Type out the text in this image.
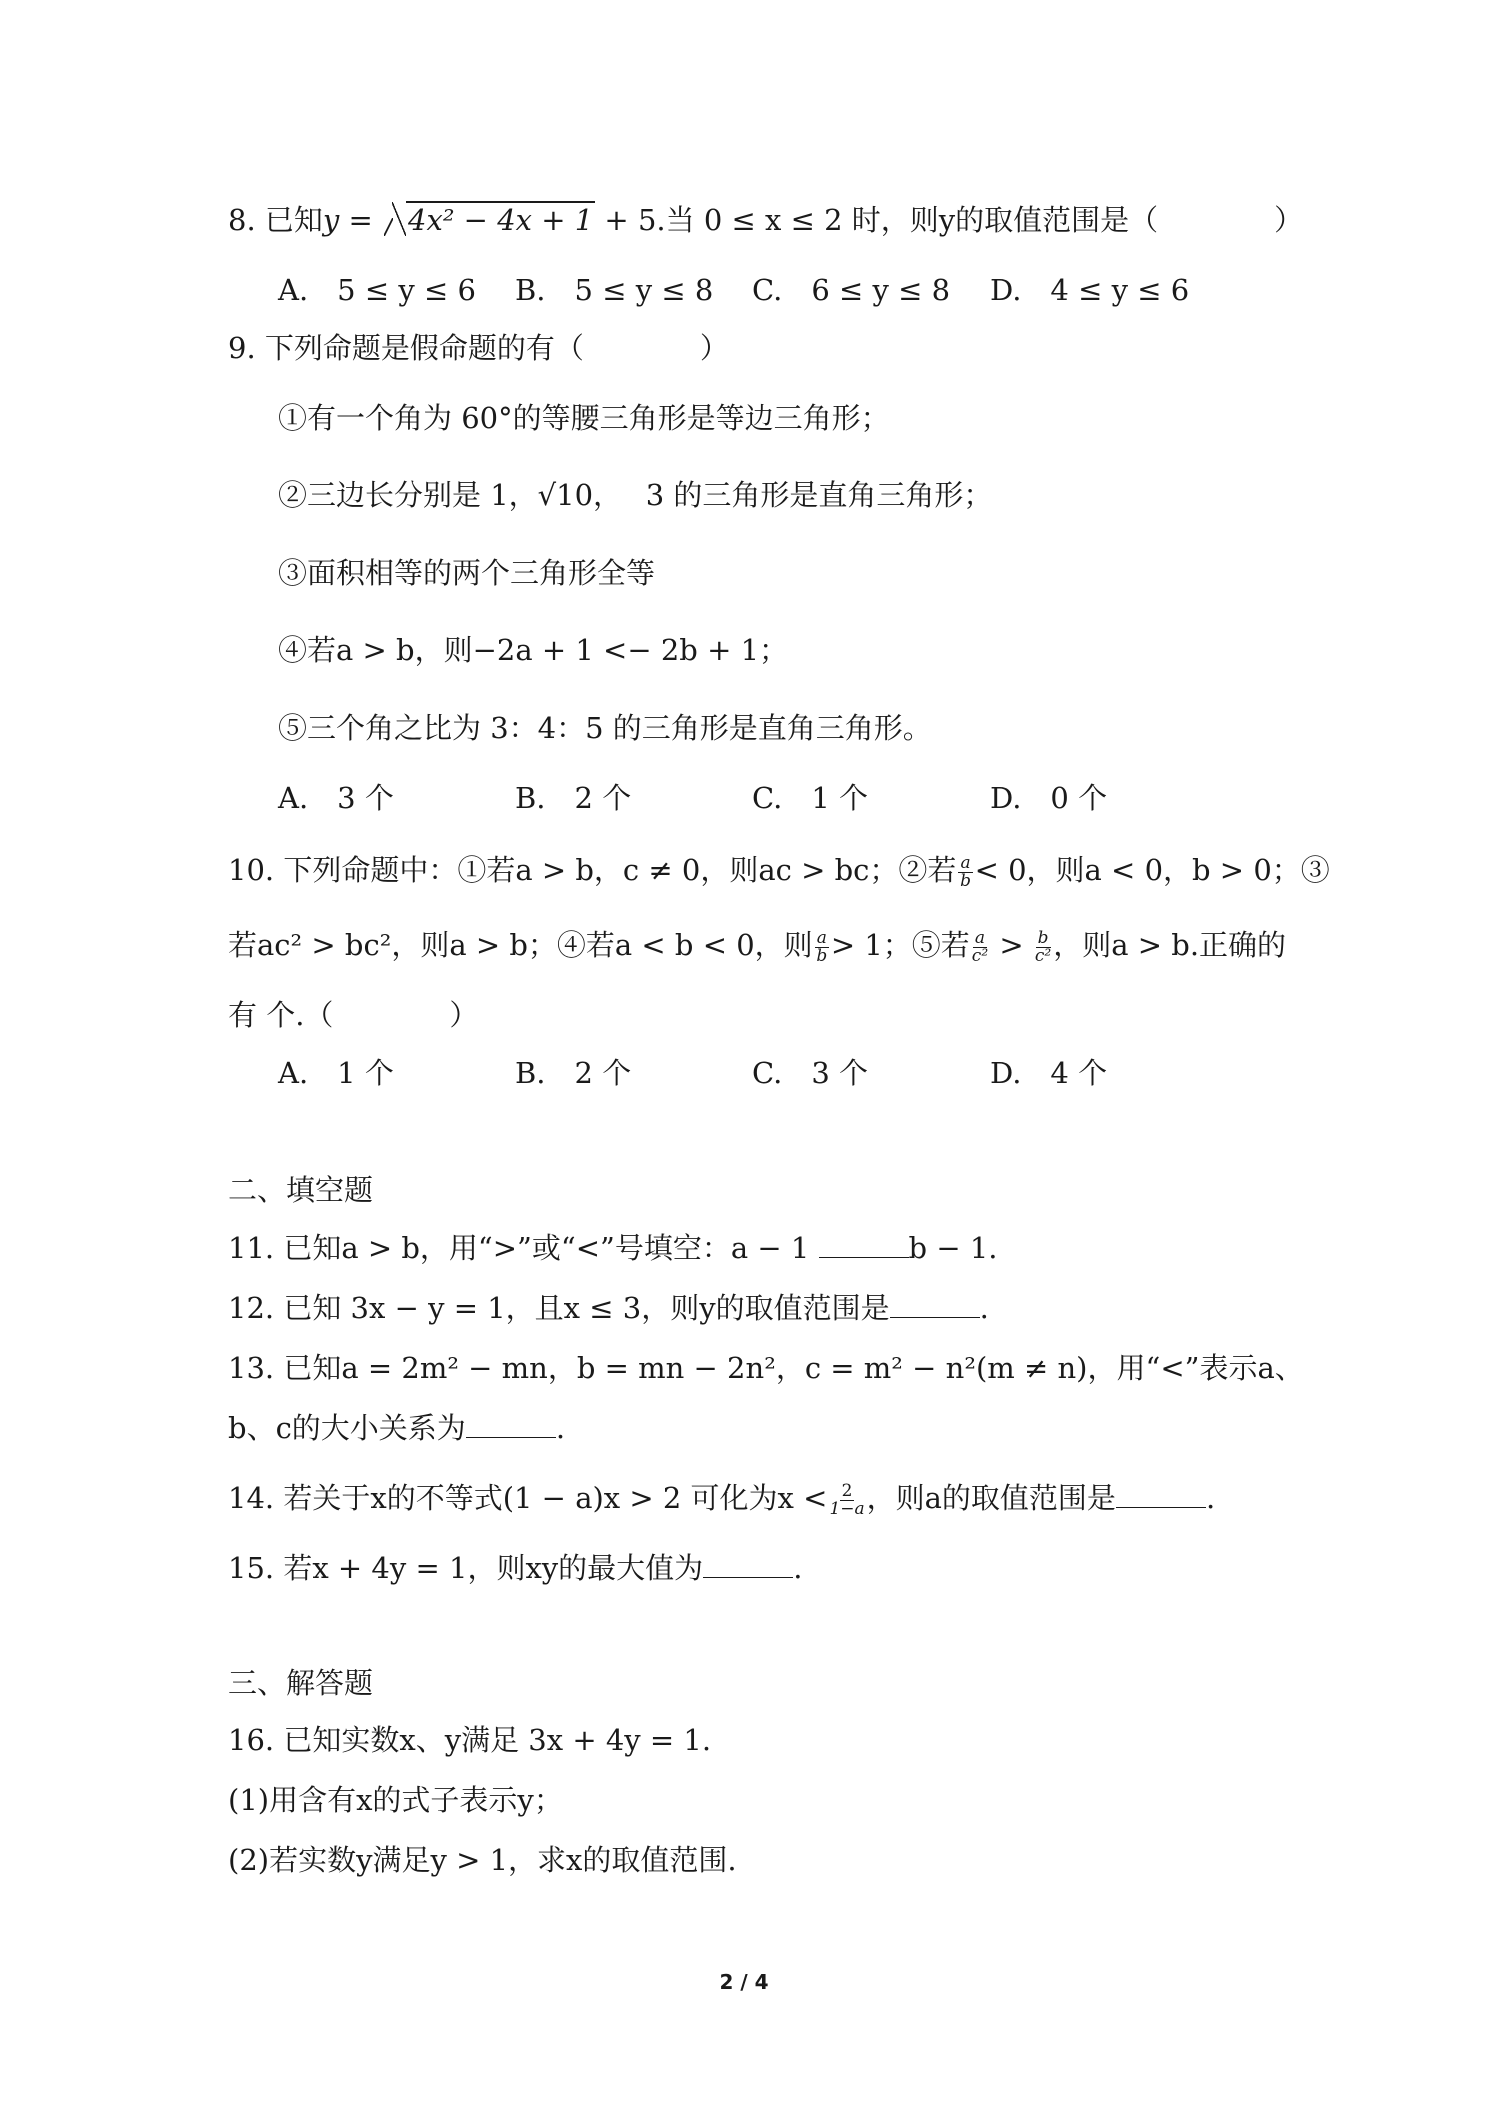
8. 已知y = 4x² − 4x + 1 + 5.当 0 ≤ x ≤ 2 时，则y的取值范围是（　　　　）
A.　5 ≤ y ≤ 6 B.　5 ≤ y ≤ 8 C.　6 ≤ y ≤ 8 D.　4 ≤ y ≤ 6
9. 下列命题是假命题的有（　　　　）
①有一个角为 60°的等腰三角形是等边三角形；
②三边长分别是 1，√10，　 3 的三角形是直角三角形；
③面积相等的两个三角形全等
④若a > b，则−2a + 1 <− 2b + 1；
⑤三个角之比为 3：4：5 的三角形是直角三角形。
A.　3 个	B.　2 个	C.　1 个	D.　0 个
10. 下列命题中：①若a > b，c ≠ 0，则ac > bc；②若 $\frac{a}{b} < 0$，则a < 0，b > 0；③
若ac² > bc²，则a > b；④若a < b < 0，则 $\frac{a}{b} > 1$；⑤若 $\frac{a}{\text{c²}} > \frac{b}{\text{c²}}$ ，则a > b.正确的
有 个.（　　　　）
A.　1 个	B.　2 个	C.　3 个	D.　4 个
二、填空题
11. 已知a > b，用“>”或“<”号填空：a − 1	b − 1.
12. 已知 3x − y = 1，且x ≤ 3，则y的取值范围是	.
13. 已知a = 2m² − mn，b = mn − 2n²，c = m² − n²(m ≠ n)，用“<”表示a、
b、c的大小关系为	.
14. 若关于x的不等式(1 − a)x > 2 可化为$x < \frac{2}{1-a}$ ，则a的取值范围是	.
15. 若x + 4y = 1，则xy的最大值为	.
三、解答题
16. 已知实数x、y满足 3x + 4y = 1.
(1)用含有x的式子表示y；
(2)若实数y满足y > 1，求x的取值范围.
2 / 4
